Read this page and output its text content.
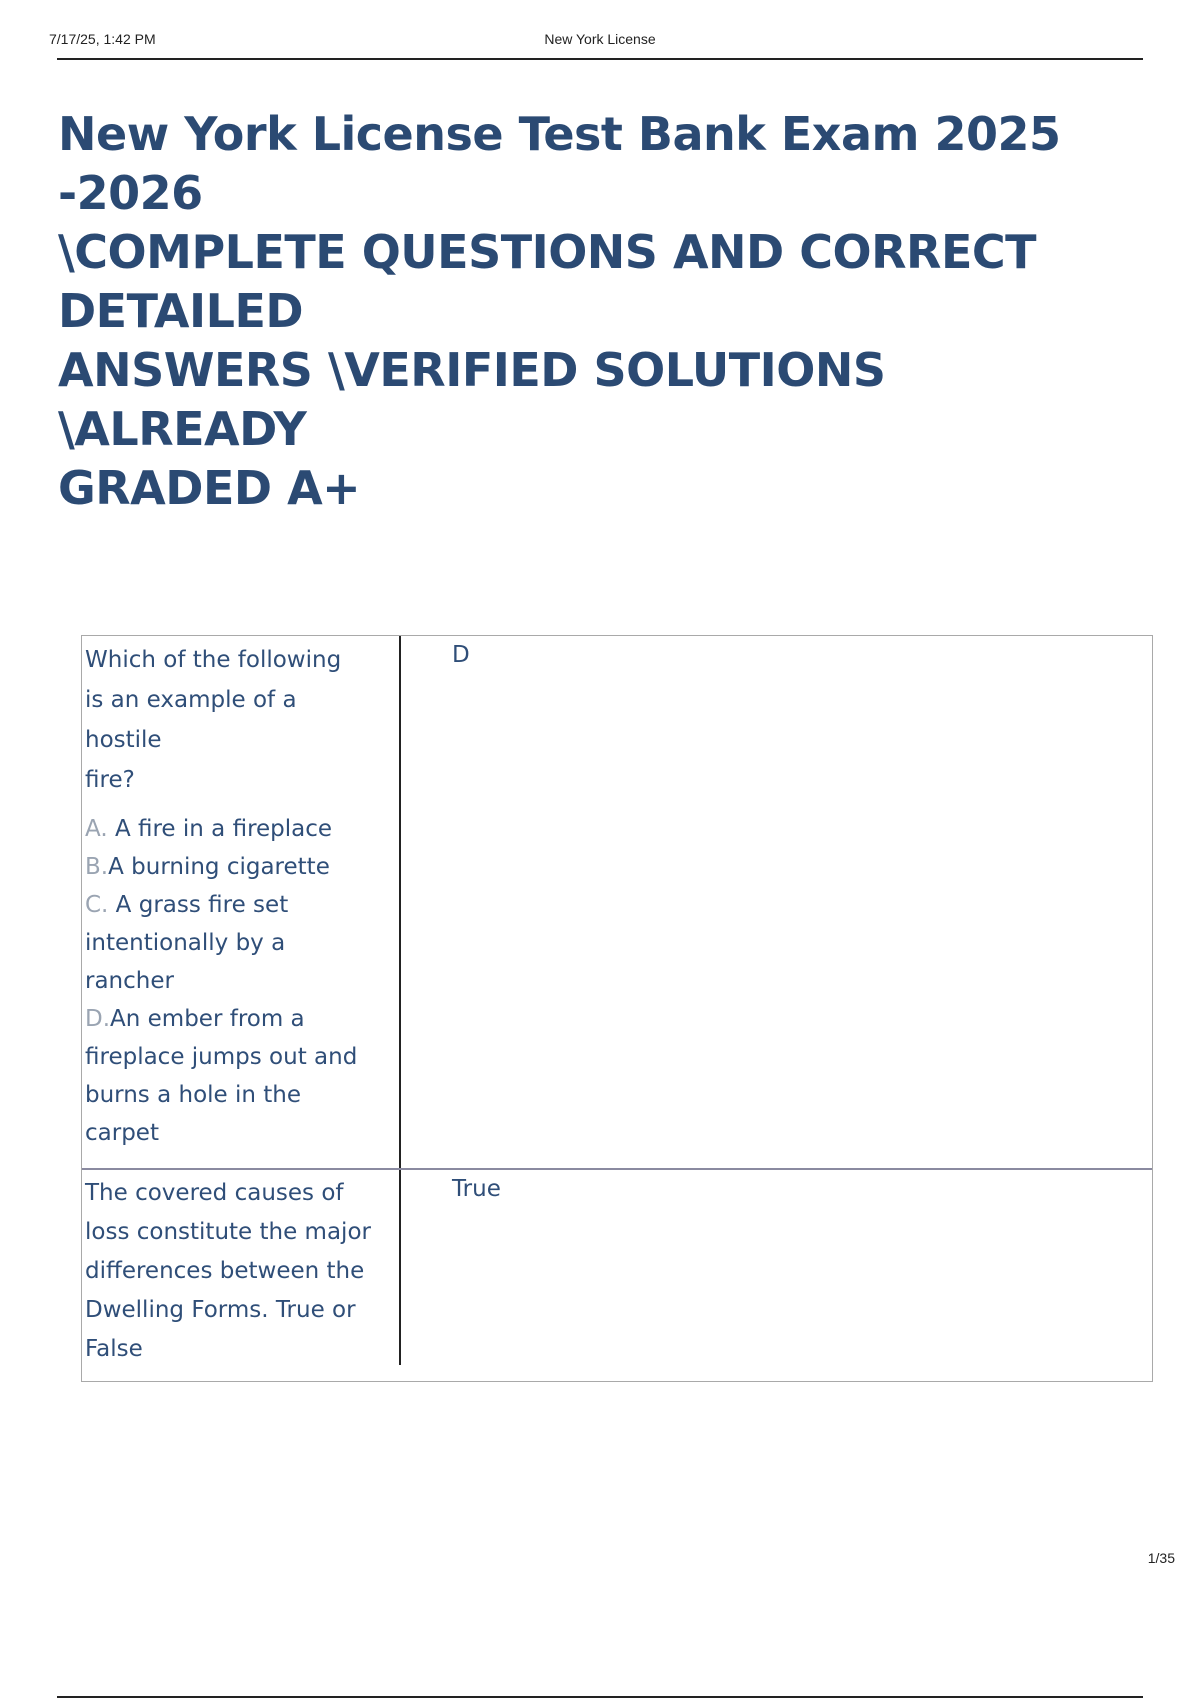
7/17/25, 1:42 PM	New York License
New York License Test Bank Exam 2025 -2026
\COMPLETE QUESTIONS AND CORRECT DETAILED
ANSWERS \VERIFIED SOLUTIONS \ALREADY
GRADED A+
Which of the following
is an example of a
hostile
fire?
A. A fire in a fireplace
B.A burning cigarette
C. A grass fire set
intentionally by a
rancher
D.An ember from a
fireplace jumps out and
burns a hole in the
carpet
D
The covered causes of
loss constitute the major
differences between the
Dwelling Forms. True or
False
True
1/35
